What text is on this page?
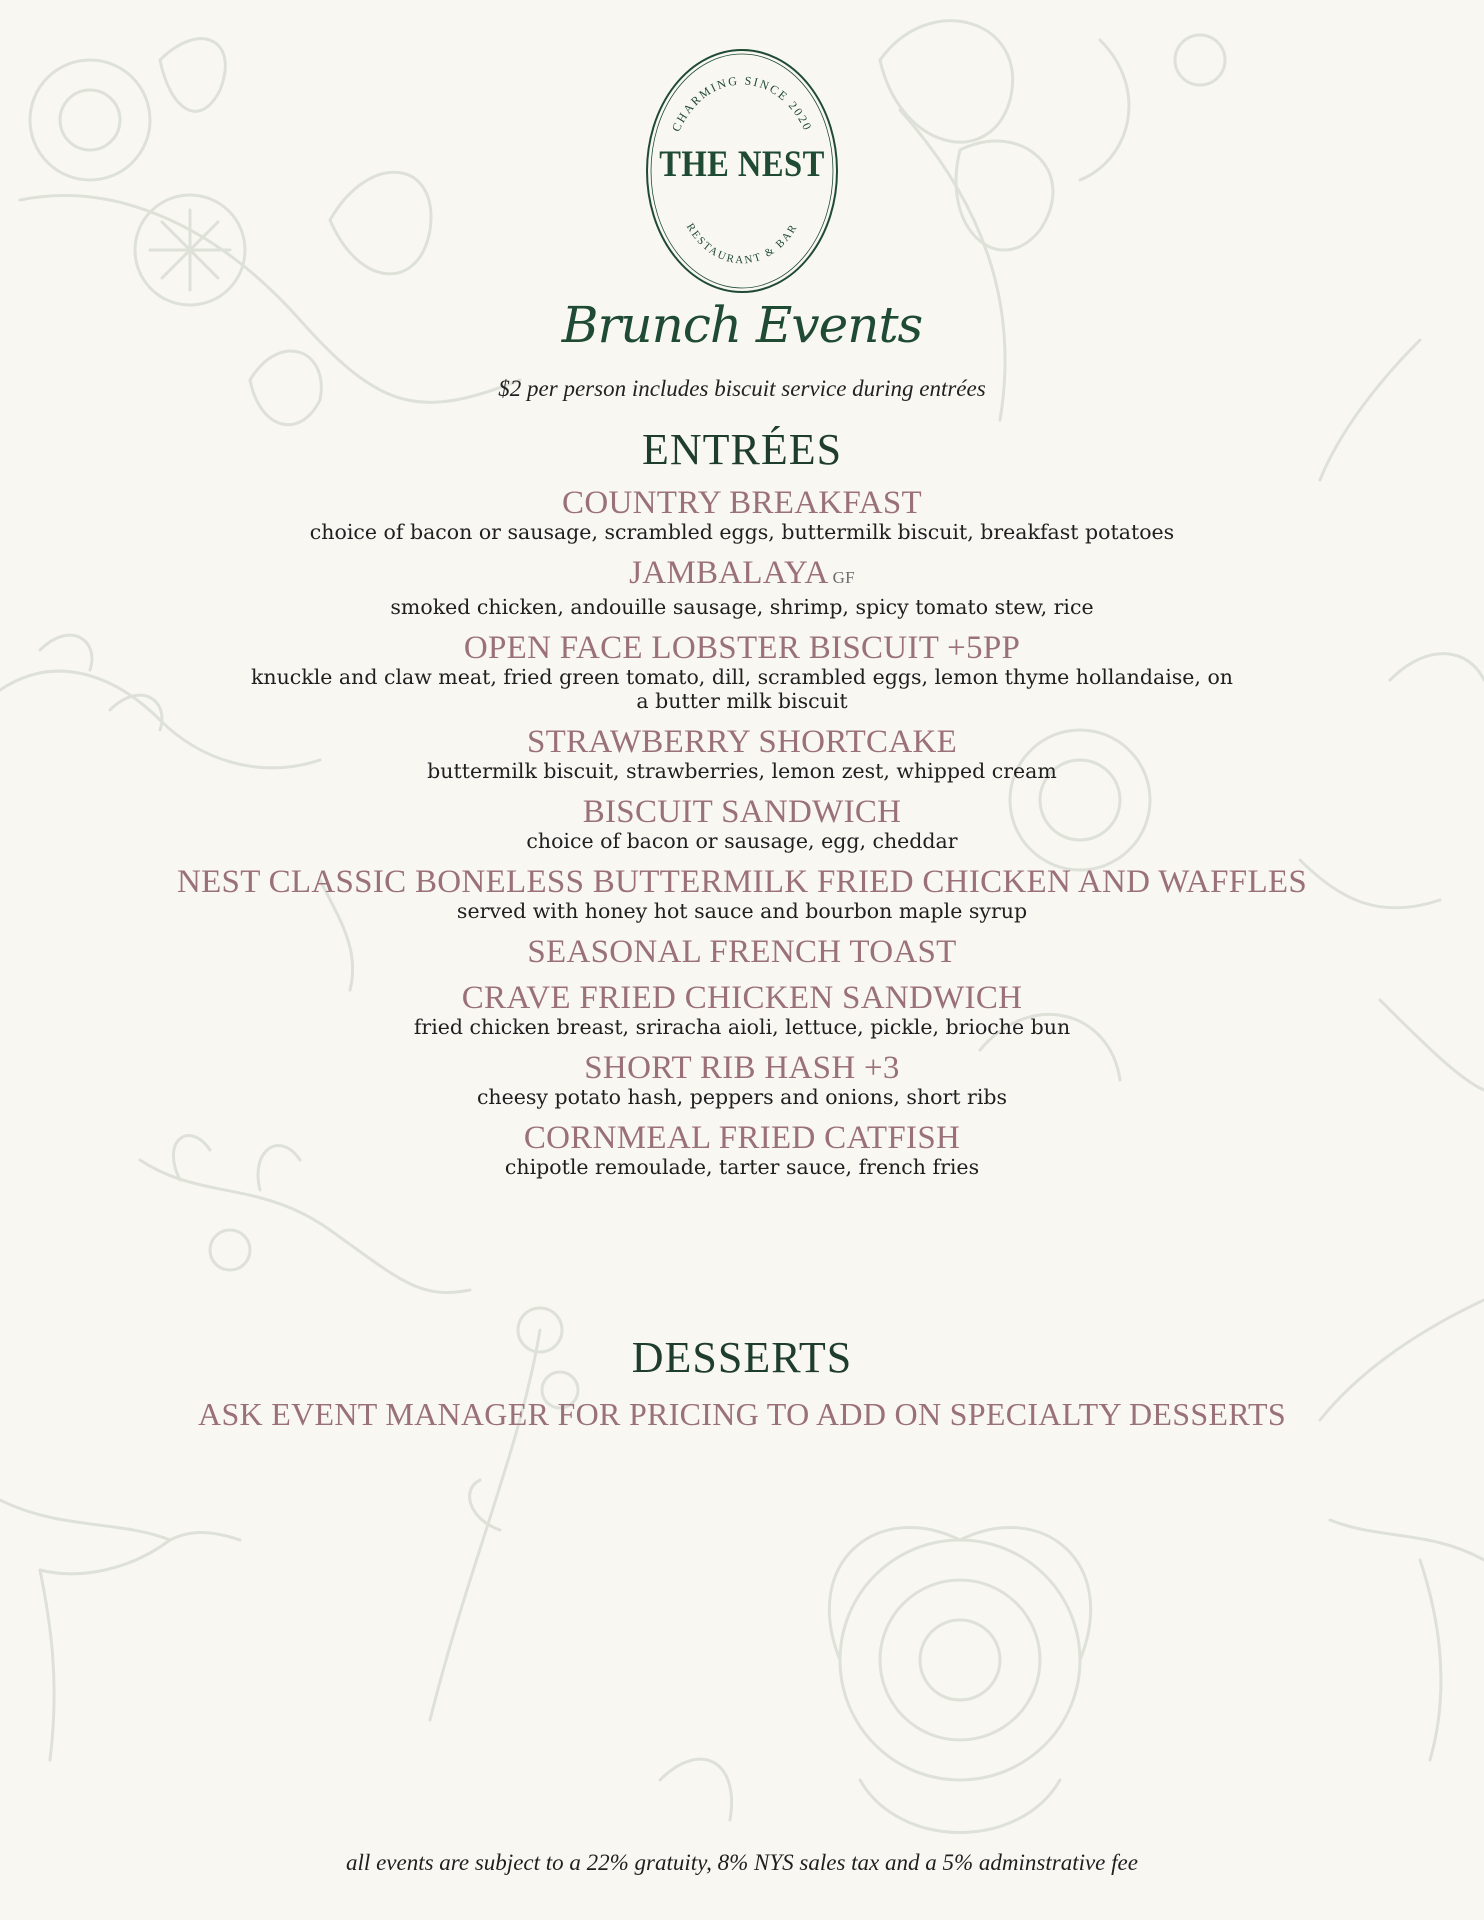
CHARMING SINCE 2020
RESTAURANT & BAR
THE NEST
Brunch Events
$2 per person includes biscuit service during entrées
ENTRÉES
COUNTRY BREAKFAST
choice of bacon or sausage, scrambled eggs, buttermilk biscuit, breakfast potatoes
JAMBALAYA GF
smoked chicken, andouille sausage, shrimp, spicy tomato stew, rice
OPEN FACE LOBSTER BISCUIT +5PP
knuckle and claw meat, fried green tomato, dill, scrambled eggs, lemon thyme hollandaise, on a butter milk biscuit
STRAWBERRY SHORTCAKE
buttermilk biscuit, strawberries, lemon zest, whipped cream
BISCUIT SANDWICH
choice of bacon or sausage, egg, cheddar
NEST CLASSIC BONELESS BUTTERMILK FRIED CHICKEN AND WAFFLES
served with honey hot sauce and bourbon maple syrup
SEASONAL FRENCH TOAST
CRAVE FRIED CHICKEN SANDWICH
fried chicken breast, sriracha aioli, lettuce, pickle, brioche bun
SHORT RIB HASH +3
cheesy potato hash, peppers and onions, short ribs
CORNMEAL FRIED CATFISH
chipotle remoulade, tarter sauce, french fries
DESSERTS
ASK EVENT MANAGER FOR PRICING TO ADD ON SPECIALTY DESSERTS
all events are subject to a 22% gratuity, 8% NYS sales tax and a 5% adminstrative fee
